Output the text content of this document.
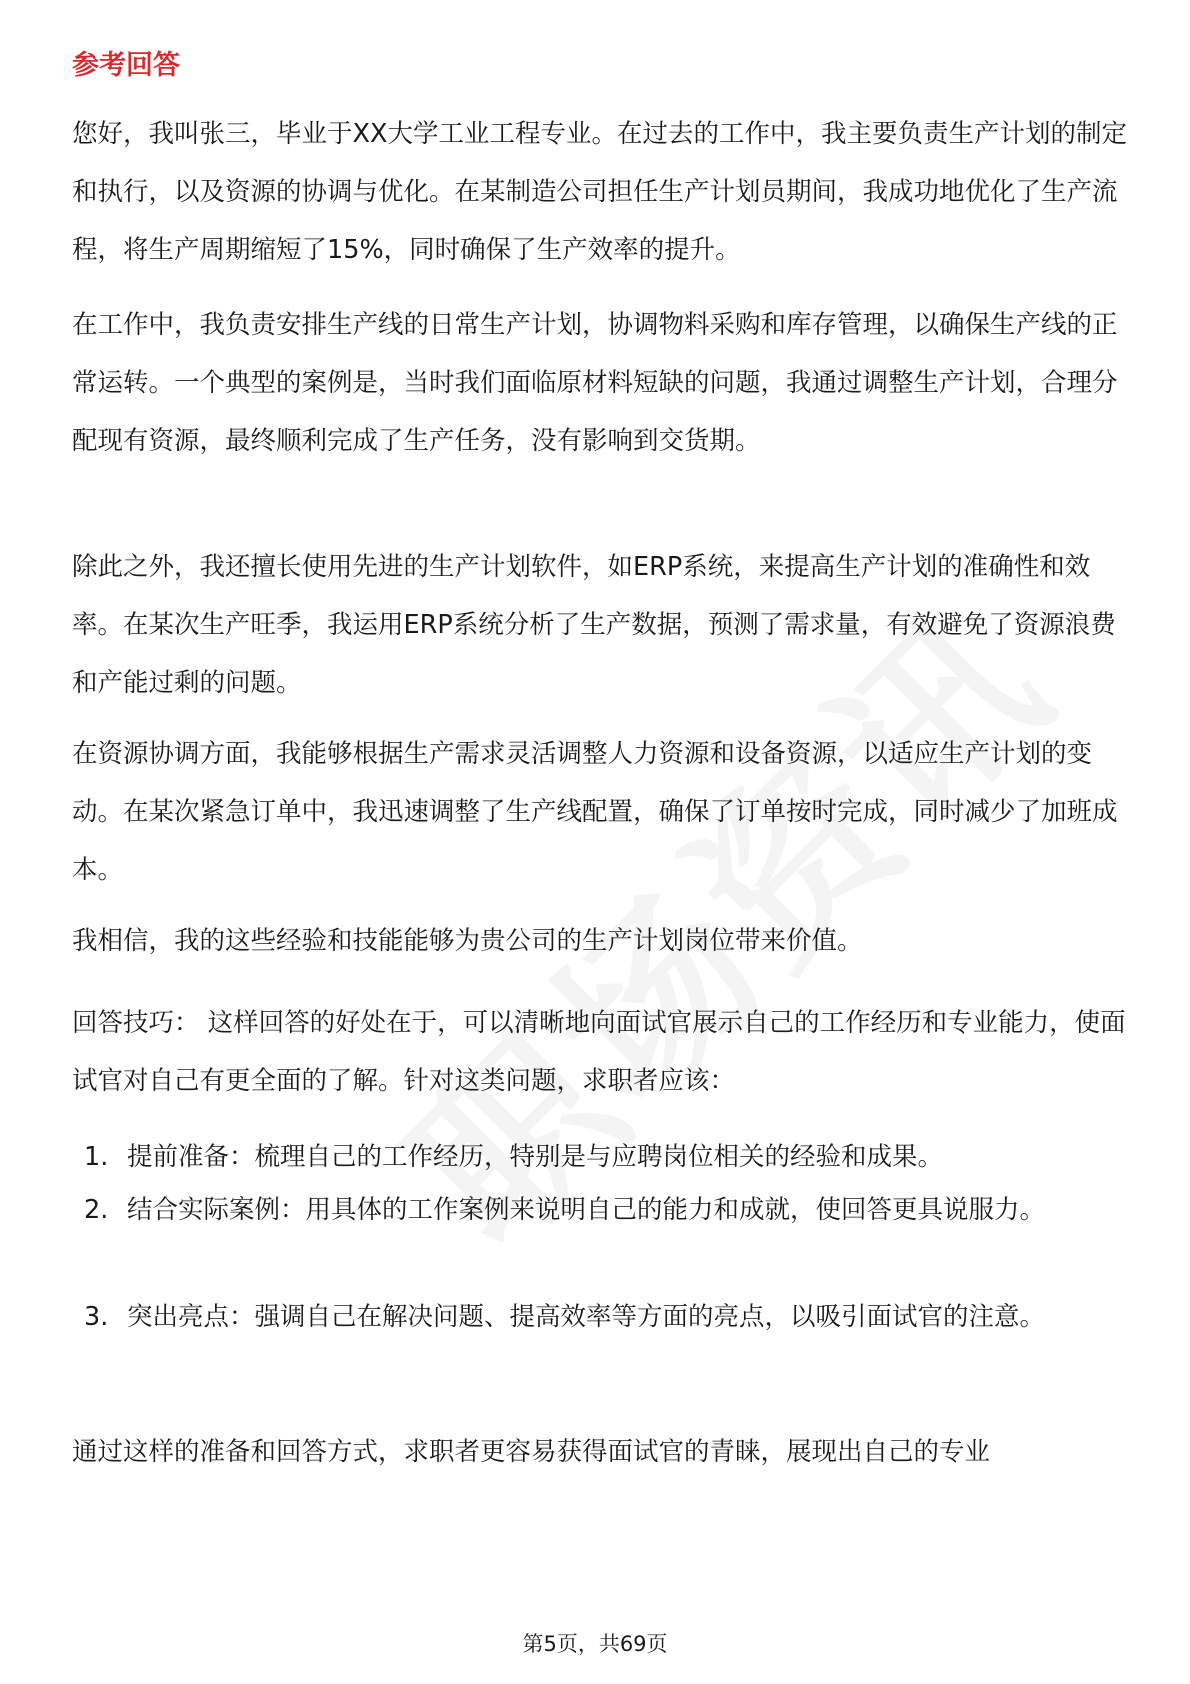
参考回答

您好，我叫张三，毕业于XX大学工业工程专业。在过去的工作中，我主要负责生产计划的制定和执行，以及资源的协调与优化。在某制造公司担任生产计划员期间，我成功地优化了生产流程，将生产周期缩短了15%，同时确保了生产效率的提升。

在工作中，我负责安排生产线的日常生产计划，协调物料采购和库存管理，以确保生产线的正常运转。一个典型的案例是，当时我们面临原材料短缺的问题，我通过调整生产计划，合理分配现有资源，最终顺利完成了生产任务，没有影响到交货期。

除此之外，我还擅长使用先进的生产计划软件，如ERP系统，来提高生产计划的准确性和效率。在某次生产旺季，我运用ERP系统分析了生产数据，预测了需求量，有效避免了资源浪费和产能过剩的问题。

在资源协调方面，我能够根据生产需求灵活调整人力资源和设备资源，以适应生产计划的变动。在某次紧急订单中，我迅速调整了生产线配置，确保了订单按时完成，同时减少了加班成本。

我相信，我的这些经验和技能能够为贵公司的生产计划岗位带来价值。

回答技巧： 这样回答的好处在于，可以清晰地向面试官展示自己的工作经历和专业能力，使面试官对自己有更全面的了解。针对这类问题，求职者应该：

1. 提前准备：梳理自己的工作经历，特别是与应聘岗位相关的经验和成果。
2. 结合实际案例：用具体的工作案例来说明自己的能力和成就，使回答更具说服力。
3. 突出亮点：强调自己在解决问题、提高效率等方面的亮点，以吸引面试官的注意。

通过这样的准备和回答方式，求职者更容易获得面试官的青睐，展现出自己的专业

第5页，共69页
